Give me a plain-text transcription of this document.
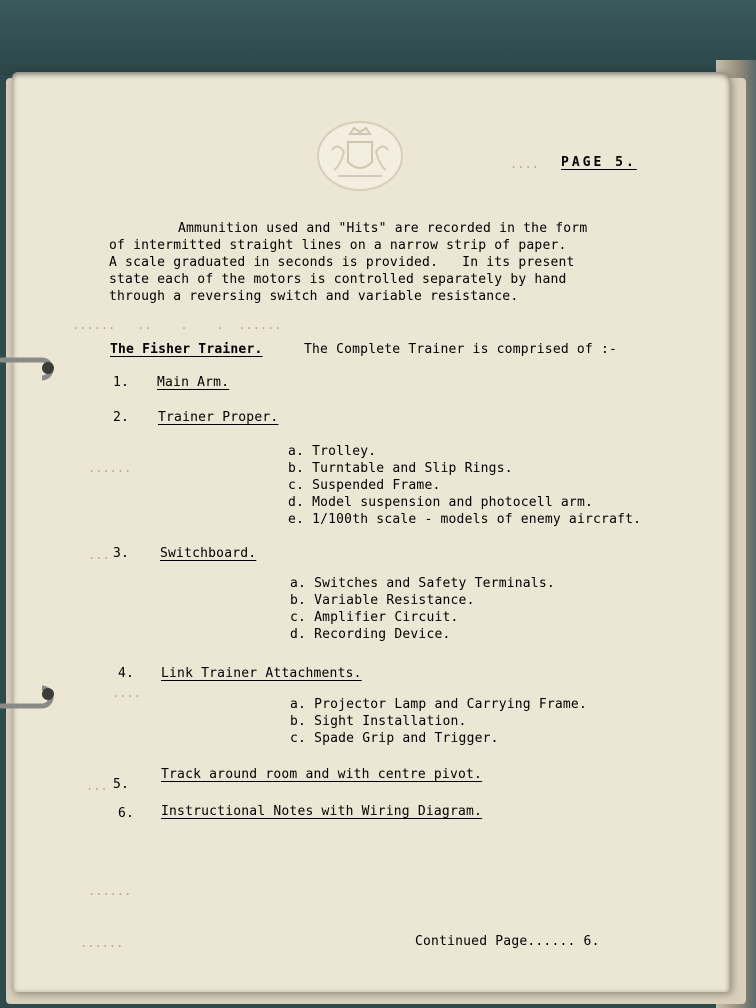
.... PAGE 5.
Ammunition used and "Hits" are recorded in the form
of intermitted straight lines on a narrow strip of paper.
A scale graduated in seconds is provided.   In its present
state each of the motors is controlled separately by hand
through a reversing switch and variable resistance.
......   ..    .    .  ......
The Fisher Trainer.	The Complete Trainer is comprised of :-
1. Main Arm.
2. Trainer Proper.
......
a. Trolley.
b. Turntable and Slip Rings.
c. Suspended Frame.
d. Model suspension and photocell arm.
e. 1/100th scale - models of enemy aircraft.
... 3. Switchboard.
a. Switches and Safety Terminals.
b. Variable Resistance.
c. Amplifier Circuit.
d. Recording Device.
4. Link Trainer Attachments.
....
a. Projector Lamp and Carrying Frame.
b. Sight Installation.
c. Spade Grip and Trigger.
... 5.
Track around room and with centre pivot.
6. Instructional Notes with Wiring Diagram.
......
......	Continued Page...... 6.
